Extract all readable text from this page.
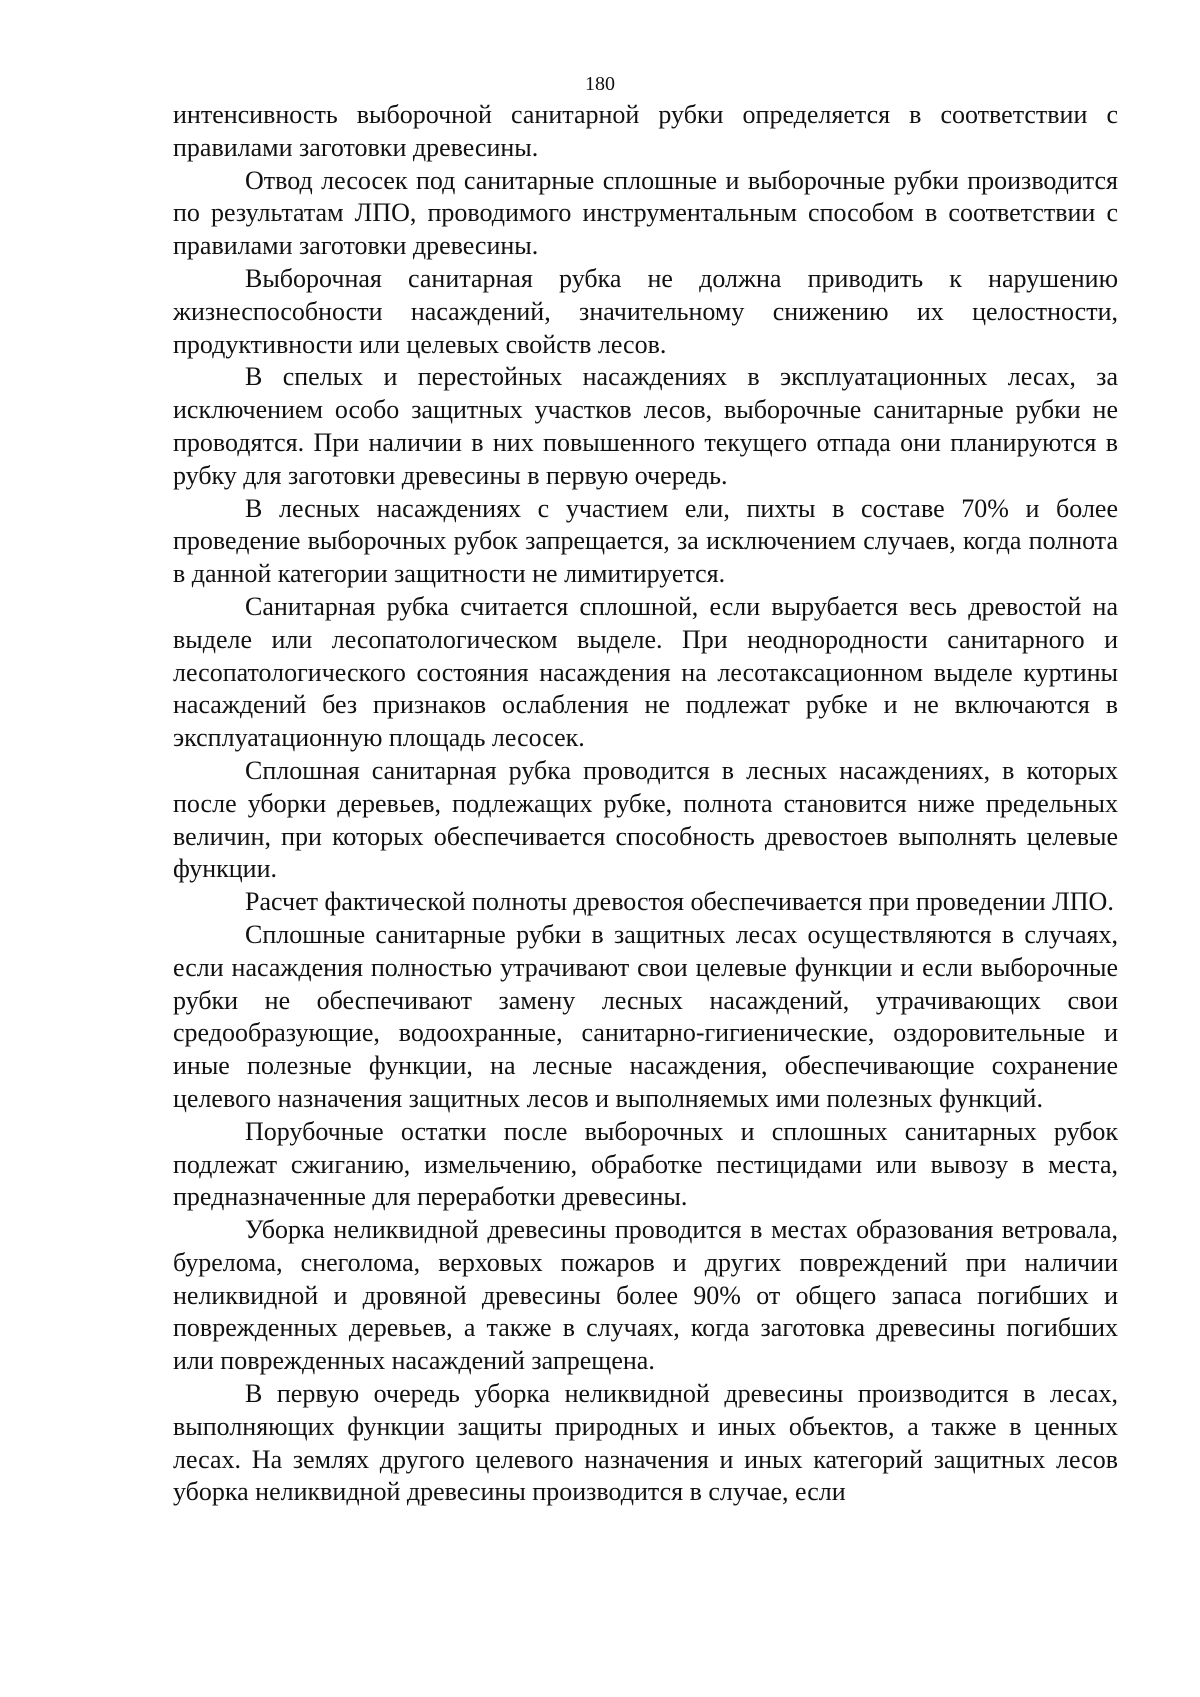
180

интенсивность выборочной санитарной рубки определяется в соответствии с правилами заготовки древесины.

Отвод лесосек под санитарные сплошные и выборочные рубки производится по результатам ЛПО, проводимого инструментальным способом в соответствии с правилами заготовки древесины.

Выборочная санитарная рубка не должна приводить к нарушению жизнеспособности насаждений, значительному снижению их целостности, продуктивности или целевых свойств лесов.

В спелых и перестойных насаждениях в эксплуатационных лесах, за исключением особо защитных участков лесов, выборочные санитарные рубки не проводятся. При наличии в них повышенного текущего отпада они планируются в рубку для заготовки древесины в первую очередь.

В лесных насаждениях с участием ели, пихты в составе 70% и более проведение выборочных рубок запрещается, за исключением случаев, когда полнота в данной категории защитности не лимитируется.

Санитарная рубка считается сплошной, если вырубается весь древостой на выделе или лесопатологическом выделе. При неоднородности санитарного и лесопатологического состояния насаждения на лесотаксационном выделе куртины насаждений без признаков ослабления не подлежат рубке и не включаются в эксплуатационную площадь лесосек.

Сплошная санитарная рубка проводится в лесных насаждениях, в которых после уборки деревьев, подлежащих рубке, полнота становится ниже предельных величин, при которых обеспечивается способность древостоев выполнять целевые функции.

Расчет фактической полноты древостоя обеспечивается при проведении ЛПО.

Сплошные санитарные рубки в защитных лесах осуществляются в случаях, если насаждения полностью утрачивают свои целевые функции и если выборочные рубки не обеспечивают замену лесных насаждений, утрачивающих свои средообразующие, водоохранные, санитарно-гигиенические, оздоровительные и иные полезные функции, на лесные насаждения, обеспечивающие сохранение целевого назначения защитных лесов и выполняемых ими полезных функций.

Порубочные остатки после выборочных и сплошных санитарных рубок подлежат сжиганию, измельчению, обработке пестицидами или вывозу в места, предназначенные для переработки древесины.

Уборка неликвидной древесины проводится в местах образования ветровала, бурелома, снеголома, верховых пожаров и других повреждений при наличии неликвидной и дровяной древесины более 90% от общего запаса погибших и поврежденных деревьев, а также в случаях, когда заготовка древесины погибших или поврежденных насаждений запрещена.

В первую очередь уборка неликвидной древесины производится в лесах, выполняющих функции защиты природных и иных объектов, а также в ценных лесах. На землях другого целевого назначения и иных категорий защитных лесов уборка неликвидной древесины производится в случае, если
